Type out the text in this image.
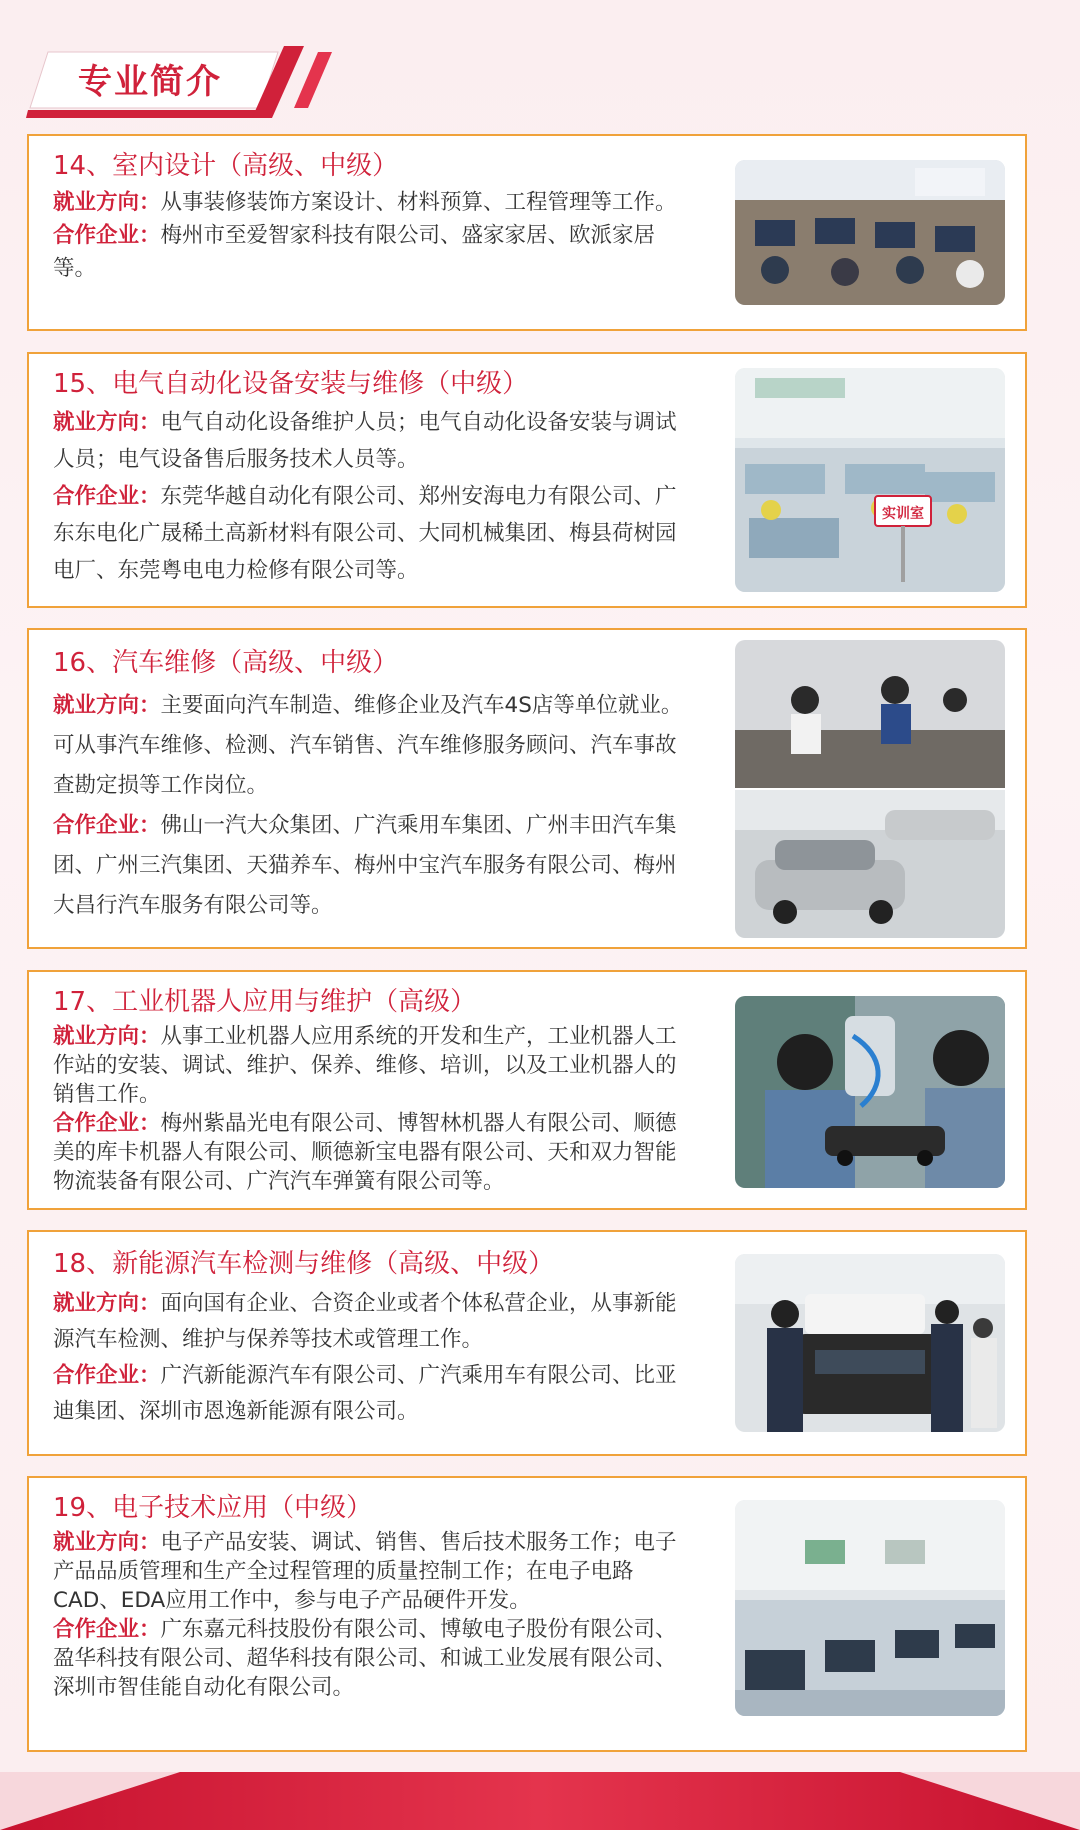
专业简介
14、室内设计（高级、中级）
就业方向：从事装修装饰方案设计、材料预算、工程管理等工作。
合作企业：梅州市至爱智家科技有限公司、盛家家居、欧派家居等。
15、电气自动化设备安装与维修（中级）
就业方向：电气自动化设备维护人员；电气自动化设备安装与调试人员；电气设备售后服务技术人员等。
合作企业：东莞华越自动化有限公司、郑州安海电力有限公司、广东东电化广晟稀土高新材料有限公司、大同机械集团、梅县荷树园电厂、东莞粤电电力检修有限公司等。
实训室
16、汽车维修（高级、中级）
就业方向：主要面向汽车制造、维修企业及汽车4S店等单位就业。可从事汽车维修、检测、汽车销售、汽车维修服务顾问、汽车事故查勘定损等工作岗位。
合作企业：佛山一汽大众集团、广汽乘用车集团、广州丰田汽车集团、广州三汽集团、天猫养车、梅州中宝汽车服务有限公司、梅州大昌行汽车服务有限公司等。
17、工业机器人应用与维护（高级）
就业方向：从事工业机器人应用系统的开发和生产，工业机器人工作站的安装、调试、维护、保养、维修、培训，以及工业机器人的销售工作。
合作企业：梅州紫晶光电有限公司、博智林机器人有限公司、顺德美的库卡机器人有限公司、顺德新宝电器有限公司、天和双力智能物流装备有限公司、广汽汽车弹簧有限公司等。
18、新能源汽车检测与维修（高级、中级）
就业方向：面向国有企业、合资企业或者个体私营企业，从事新能源汽车检测、维护与保养等技术或管理工作。
合作企业：广汽新能源汽车有限公司、广汽乘用车有限公司、比亚迪集团、深圳市恩逸新能源有限公司。
19、电子技术应用（中级）
就业方向：电子产品安装、调试、销售、售后技术服务工作；电子产品品质管理和生产全过程管理的质量控制工作；在电子电路CAD、EDA应用工作中，参与电子产品硬件开发。
合作企业：广东嘉元科技股份有限公司、博敏电子股份有限公司、盈华科技有限公司、超华科技有限公司、和诚工业发展有限公司、深圳市智佳能自动化有限公司。
